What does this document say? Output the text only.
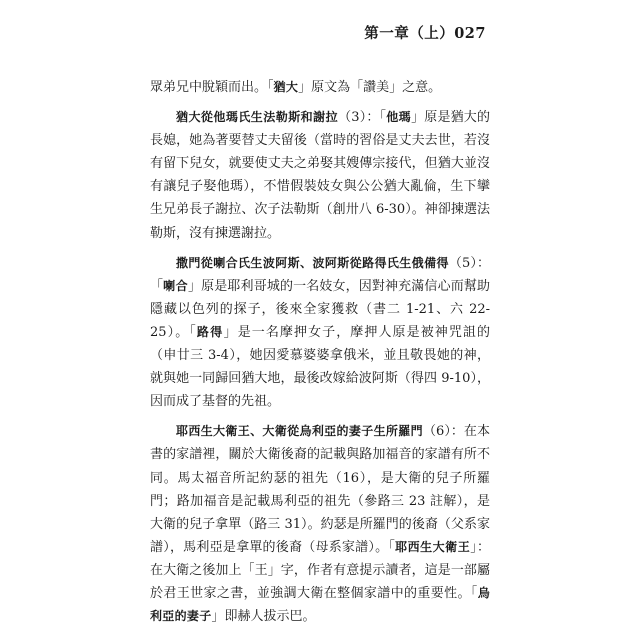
第一章（上）027

眾弟兄中脫穎而出。「猶大」原文為「讚美」之意。

猶大從他瑪氏生法勒斯和謝拉（3）：「他瑪」原是猶大的長媳，她為著要替丈夫留後（當時的習俗是丈夫去世，若沒有留下兒女，就要使丈夫之弟娶其嫂傳宗接代，但猶大並沒有讓兒子娶他瑪），不惜假裝妓女與公公猶大亂倫，生下攣生兄弟長子謝拉、次子法勒斯（創卅八 6-30）。神卻揀選法勒斯，沒有揀選謝拉。

撒門從喇合氏生波阿斯、波阿斯從路得氏生俄備得（5）：「喇合」原是耶利哥城的一名妓女，因對神充滿信心而幫助隱藏以色列的探子，後來全家獲救（書二 1-21、六 22-25）。「路得」是一名摩押女子，摩押人原是被神咒詛的（申廿三 3-4），她因愛慕婆婆拿俄米，並且敬畏她的神，就與她一同歸回猶大地，最後改嫁給波阿斯（得四 9-10），因而成了基督的先祖。

耶西生大衛王、大衛從烏利亞的妻子生所羅門（6）：在本書的家譜裡，關於大衛後裔的記載與路加福音的家譜有所不同。馬太福音所記約瑟的祖先（16），是大衛的兒子所羅門；路加福音是記載馬利亞的祖先（參路三 23 註解），是大衛的兒子拿單（路三 31）。約瑟是所羅門的後裔（父系家譜），馬利亞是拿單的後裔（母系家譜）。「耶西生大衛王」：在大衛之後加上「王」字，作者有意提示讀者，這是一部屬於君王世家之書，並強調大衛在整個家譜中的重要性。「烏利亞的妻子」即赫人拔示巴。
